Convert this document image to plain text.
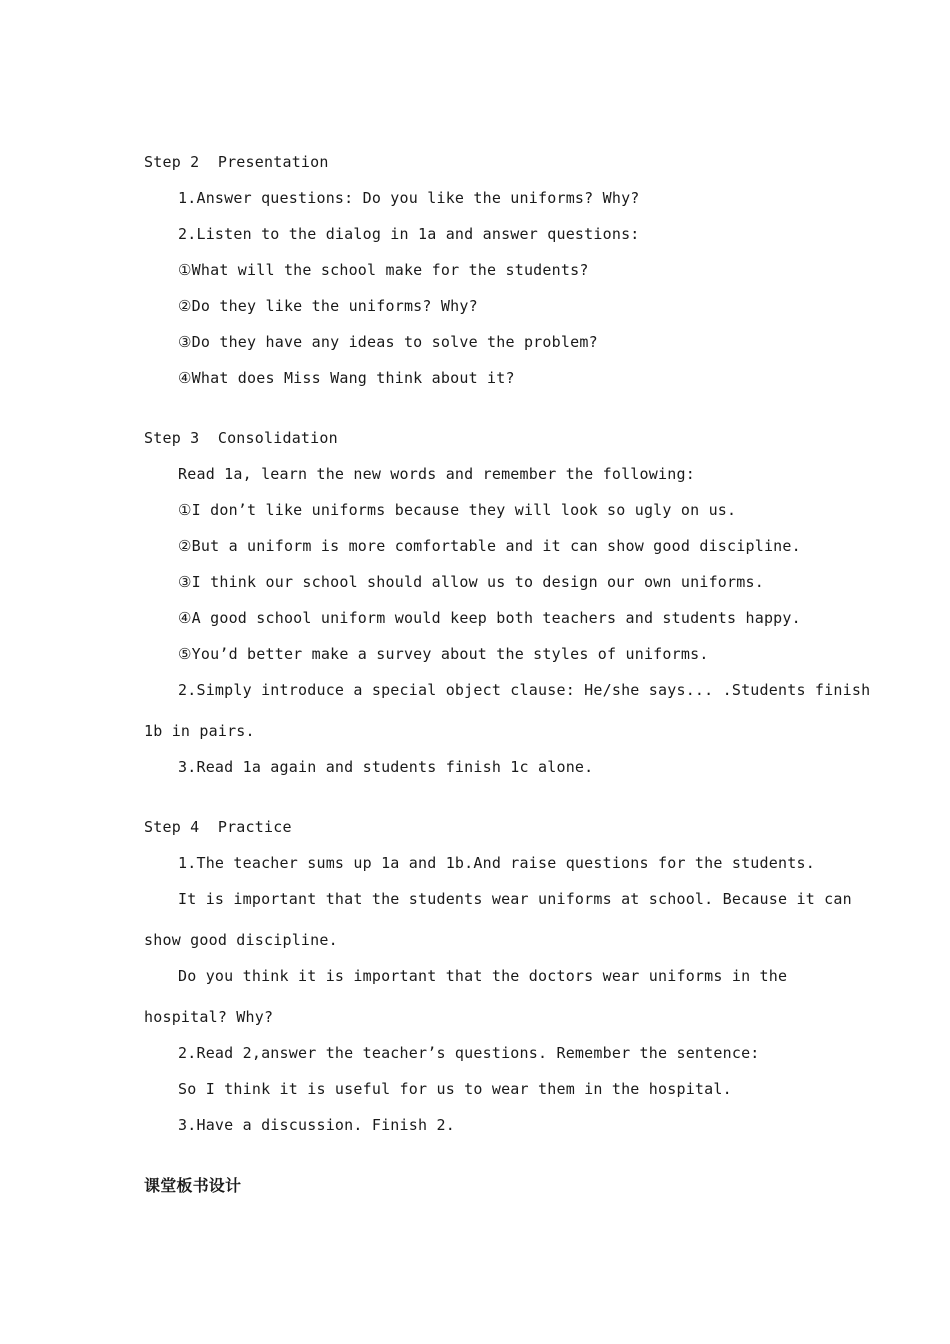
Step 2  Presentation
1.Answer questions: Do you like the uniforms? Why?
2.Listen to the dialog in 1a and answer questions:
①What will the school make for the students?
②Do they like the uniforms? Why?
③Do they have any ideas to solve the problem?
④What does Miss Wang think about it?
Step 3  Consolidation
Read 1a, learn the new words and remember the following:
①I don’t like uniforms because they will look so ugly on us.
②But a uniform is more comfortable and it can show good discipline.
③I think our school should allow us to design our own uniforms.
④A good school uniform would keep both teachers and students happy.
⑤You’d better make a survey about the styles of uniforms.
2.Simply introduce a special object clause: He/she says... .Students finish
1b in pairs.
3.Read 1a again and students finish 1c alone.
Step 4  Practice
1.The teacher sums up 1a and 1b.And raise questions for the students.
It is important that the students wear uniforms at school. Because it can
show good discipline.
Do you think it is important that the doctors wear uniforms in the
hospital? Why?
2.Read 2,answer the teacher’s questions. Remember the sentence:
So I think it is useful for us to wear them in the hospital.
3.Have a discussion. Finish 2.
课堂板书设计
